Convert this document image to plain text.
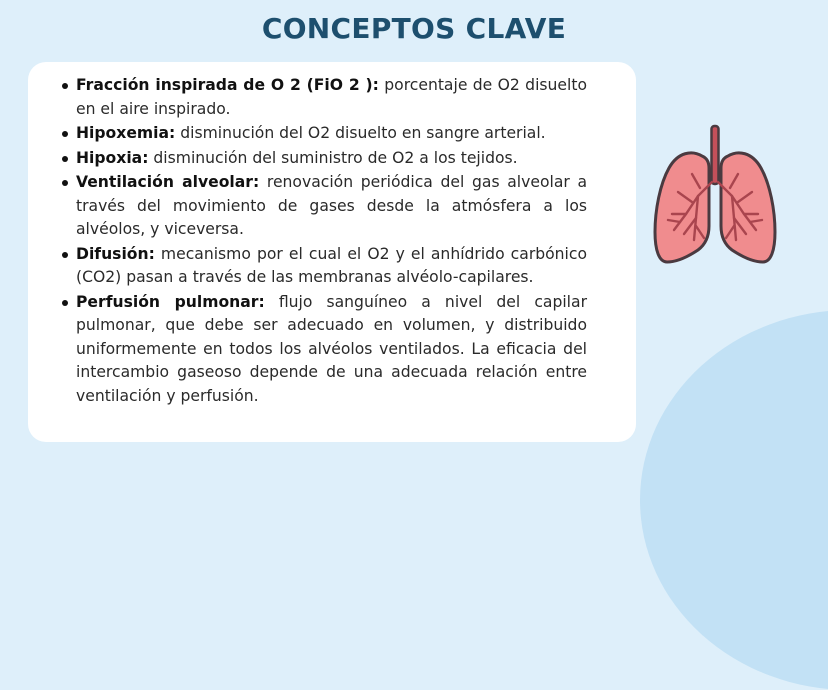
CONCEPTOS CLAVE
Fracción inspirada de O 2 (FiO 2 ): porcentaje de O2 disuelto en el aire inspirado.
Hipoxemia: disminución del O2 disuelto en sangre arterial.
Hipoxia: disminución del suministro de O2 a los tejidos.
Ventilación alveolar: renovación periódica del gas alveolar a través del movimiento de gases desde la atmósfera a los alvéolos, y viceversa.
Difusión: mecanismo por el cual el O2 y el anhídrido carbónico (CO2) pasan a través de las membranas alvéolo-capilares.
Perfusión pulmonar: flujo sanguíneo a nivel del capilar pulmonar, que debe ser adecuado en volumen, y distribuido uniformemente en todos los alvéolos ventilados. La eficacia del intercambio gaseoso depende de una adecuada relación entre ventilación y perfusión.
